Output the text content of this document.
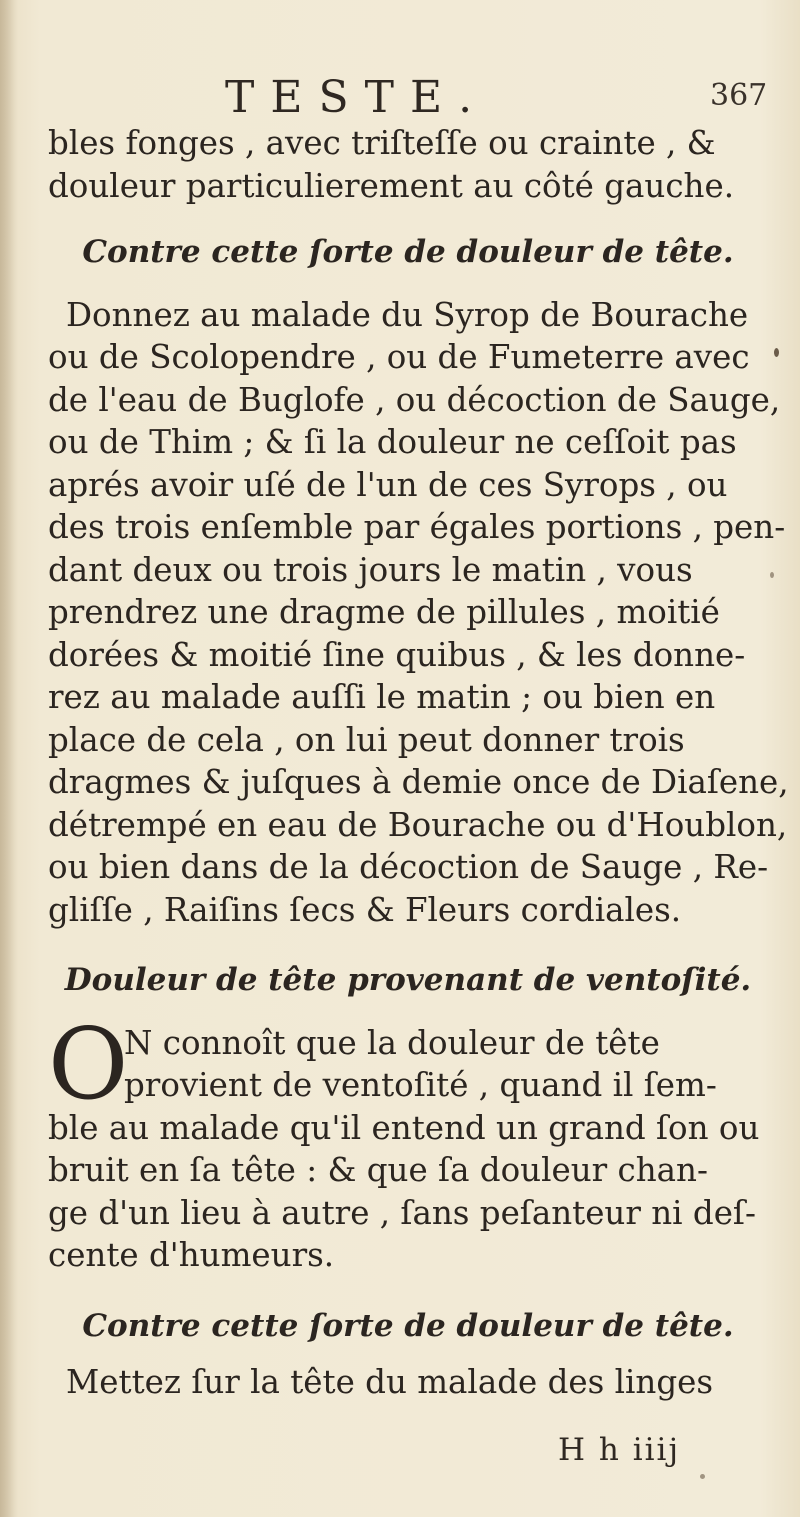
TESTE.	367
bles fonges , avec triſteſſe ou crainte , &
douleur particulierement au côté gauche.
Contre cette ſorte de douleur de tête.
Donnez au malade du Syrop de Bourache
ou de Scolopendre , ou de Fumeterre avec
de l'eau de Buglofe , ou décoction de Sauge,
ou de Thim ; & ſi la douleur ne ceſſoit pas
aprés avoir uſé de l'un de ces Syrops , ou
des trois enſemble par égales portions , pen-
dant deux ou trois jours le matin , vous
prendrez une dragme de pillules , moitié
dorées & moitié ſine quibus , & les donne-
rez au malade auſſi le matin ; ou bien en
place de cela , on lui peut donner trois
dragmes & juſques à demie once de Diaſene,
détrempé en eau de Bourache ou d'Houblon,
ou bien dans de la décoction de Sauge , Re-
gliſſe , Raiſins ſecs & Fleurs cordiales.
Douleur de tête provenant de ventoſité.
O
N connoît que la douleur de tête
provient de ventoſité , quand il ſem-
ble au malade qu'il entend un grand ſon ou
bruit en ſa tête : & que ſa douleur chan-
ge d'un lieu à autre , ſans peſanteur ni deſ-
cente d'humeurs.
Contre cette ſorte de douleur de tête.
Mettez ſur la tête du malade des linges
H h iiij
